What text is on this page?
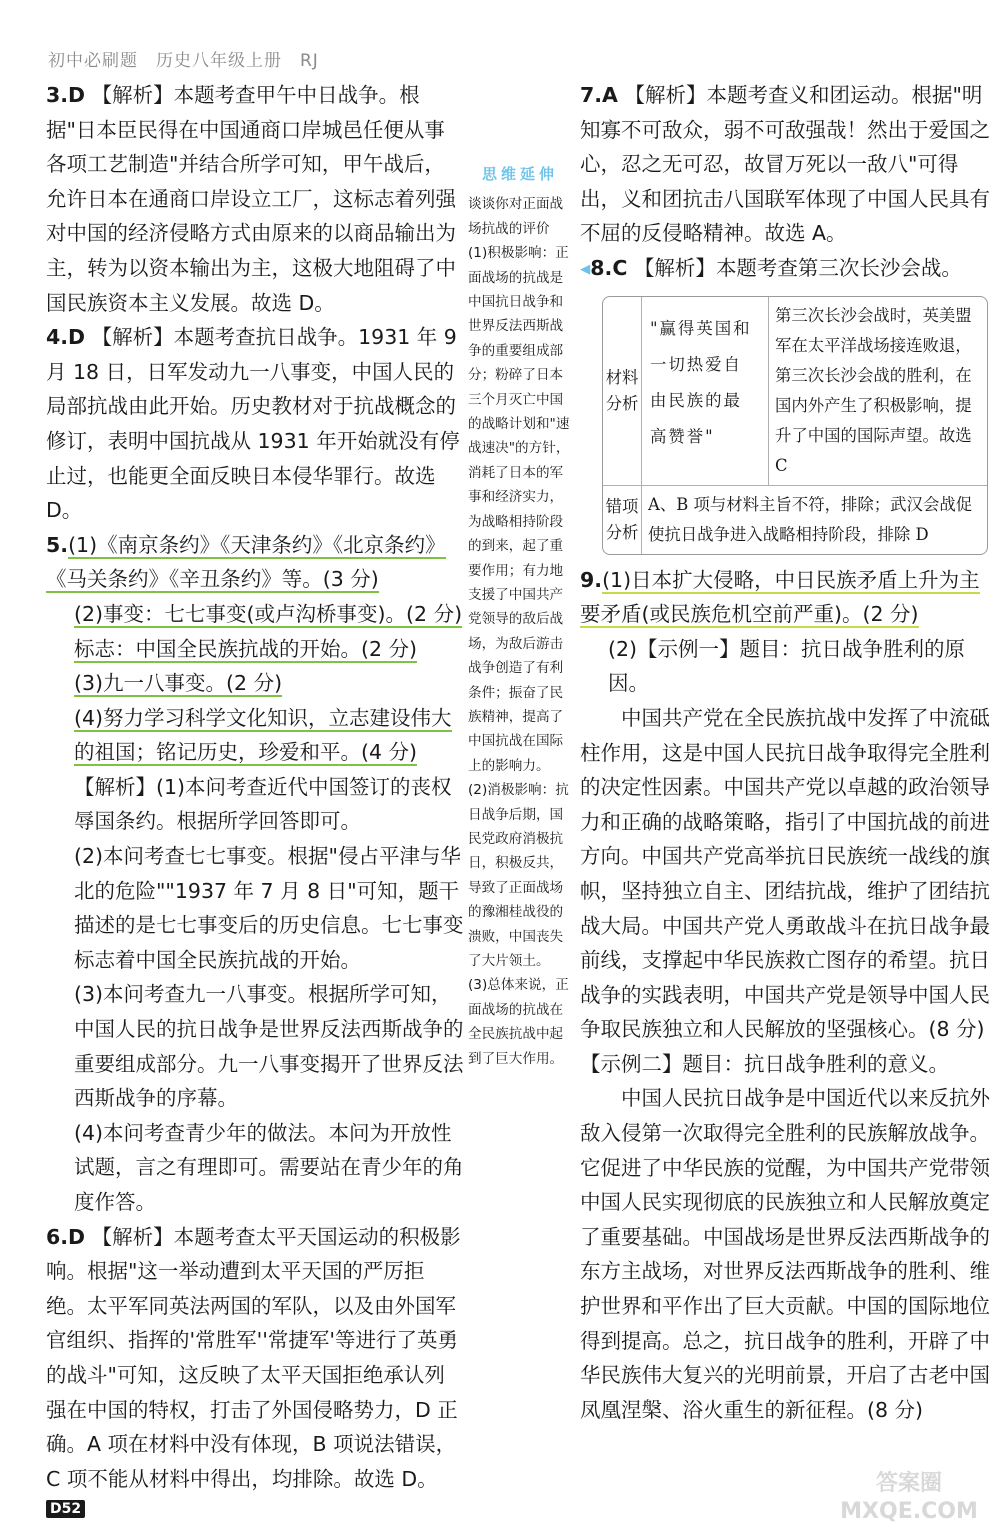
初中必刷题　历史八年级上册　RJ

3.D 【解析】本题考查甲午中日战争。根据"日本臣民得在中国通商口岸城邑任便从事各项工艺制造"并结合所学可知，甲午战后，允许日本在通商口岸设立工厂，这标志着列强对中国的经济侵略方式由原来的以商品输出为主，转为以资本输出为主，这极大地阻碍了中国民族资本主义发展。故选 D。

4.D 【解析】本题考查抗日战争。1931 年 9 月 18 日，日军发动九一八事变，中国人民的局部抗战由此开始。历史教材对于抗战概念的修订，表明中国抗战从 1931 年开始就没有停止过，也能更全面反映日本侵华罪行。故选 D。

5.(1)《南京条约》《天津条约》《北京条约》《马关条约》《辛丑条约》等。(3 分)
(2)事变：七七事变(或卢沟桥事变)。(2 分)
标志：中国全民族抗战的开始。(2 分)
(3)九一八事变。(2 分)
(4)努力学习科学文化知识，立志建设伟大的祖国；铭记历史，珍爱和平。(4 分)
【解析】(1)本问考查近代中国签订的丧权辱国条约。根据所学回答即可。
(2)本问考查七七事变。根据"侵占平津与华北的危险""1937 年 7 月 8 日"可知，题干描述的是七七事变后的历史信息。七七事变标志着中国全民族抗战的开始。
(3)本问考查九一八事变。根据所学可知，中国人民的抗日战争是世界反法西斯战争的重要组成部分。九一八事变揭开了世界反法西斯战争的序幕。
(4)本问考查青少年的做法。本问为开放性试题，言之有理即可。需要站在青少年的角度作答。

6.D 【解析】本题考查太平天国运动的积极影响。根据"这一举动遭到太平天国的严厉拒绝。太平军同英法两国的军队，以及由外国军官组织、指挥的'常胜军''常捷军'等进行了英勇的战斗"可知，这反映了太平天国拒绝承认列强在中国的特权，打击了外国侵略势力，D 正确。A 项在材料中没有体现，B 项说法错误，C 项不能从材料中得出，均排除。故选 D。

思维延伸
谈谈你对正面战场抗战的评价
(1)积极影响：正面战场的抗战是中国抗日战争和世界反法西斯战争的重要组成部分；粉碎了日本三个月灭亡中国的战略计划和"速战速决"的方针，消耗了日本的军事和经济实力，为战略相持阶段的到来，起了重要作用；有力地支援了中国共产党领导的敌后战场，为敌后游击战争创造了有利条件；振奋了民族精神，提高了中国抗战在国际上的影响力。
(2)消极影响：抗日战争后期，国民党政府消极抗日，积极反共，导致了正面战场的豫湘桂战役的溃败，中国丧失了大片领土。
(3)总体来说，正面战场的抗战在全民族抗战中起到了巨大作用。

7.A 【解析】本题考查义和团运动。根据"明知寡不可敌众，弱不可敌强哉！然出于爱国之心，忍之无可忍，故冒万死以一敌八"可得出，义和团抗击八国联军体现了中国人民具有不屈的反侵略精神。故选 A。

◂8.C 【解析】本题考查第三次长沙会战。

材料分析
"赢得英国和一切热爱自由民族的最高赞誉"
第三次长沙会战时，英美盟军在太平洋战场接连败退，第三次长沙会战的胜利，在国内外产生了积极影响，提升了中国的国际声望。故选 C
错项分析
A、B 项与材料主旨不符，排除；武汉会战促使抗日战争进入战略相持阶段，排除 D
9.(1)日本扩大侵略，中日民族矛盾上升为主要矛盾(或民族危机空前严重)。(2 分)
(2)【示例一】题目：抗日战争胜利的原因。
中国共产党在全民族抗战中发挥了中流砥柱作用，这是中国人民抗日战争取得完全胜利的决定性因素。中国共产党以卓越的政治领导力和正确的战略策略，指引了中国抗战的前进方向。中国共产党高举抗日民族统一战线的旗帜，坚持独立自主、团结抗战，维护了团结抗战大局。中国共产党人勇敢战斗在抗日战争最前线，支撑起中华民族救亡图存的希望。抗日战争的实践表明，中国共产党是领导中国人民争取民族独立和人民解放的坚强核心。(8 分)
【示例二】题目：抗日战争胜利的意义。
中国人民抗日战争是中国近代以来反抗外敌入侵第一次取得完全胜利的民族解放战争。它促进了中华民族的觉醒，为中国共产党带领中国人民实现彻底的民族独立和人民解放奠定了重要基础。中国战场是世界反法西斯战争的东方主战场，对世界反法西斯战争的胜利、维护世界和平作出了巨大贡献。中国的国际地位得到提高。总之，抗日战争的胜利，开辟了中华民族伟大复兴的光明前景，开启了古老中国凤凰涅槃、浴火重生的新征程。(8 分)
D52
答案圈
MXQE.COM
